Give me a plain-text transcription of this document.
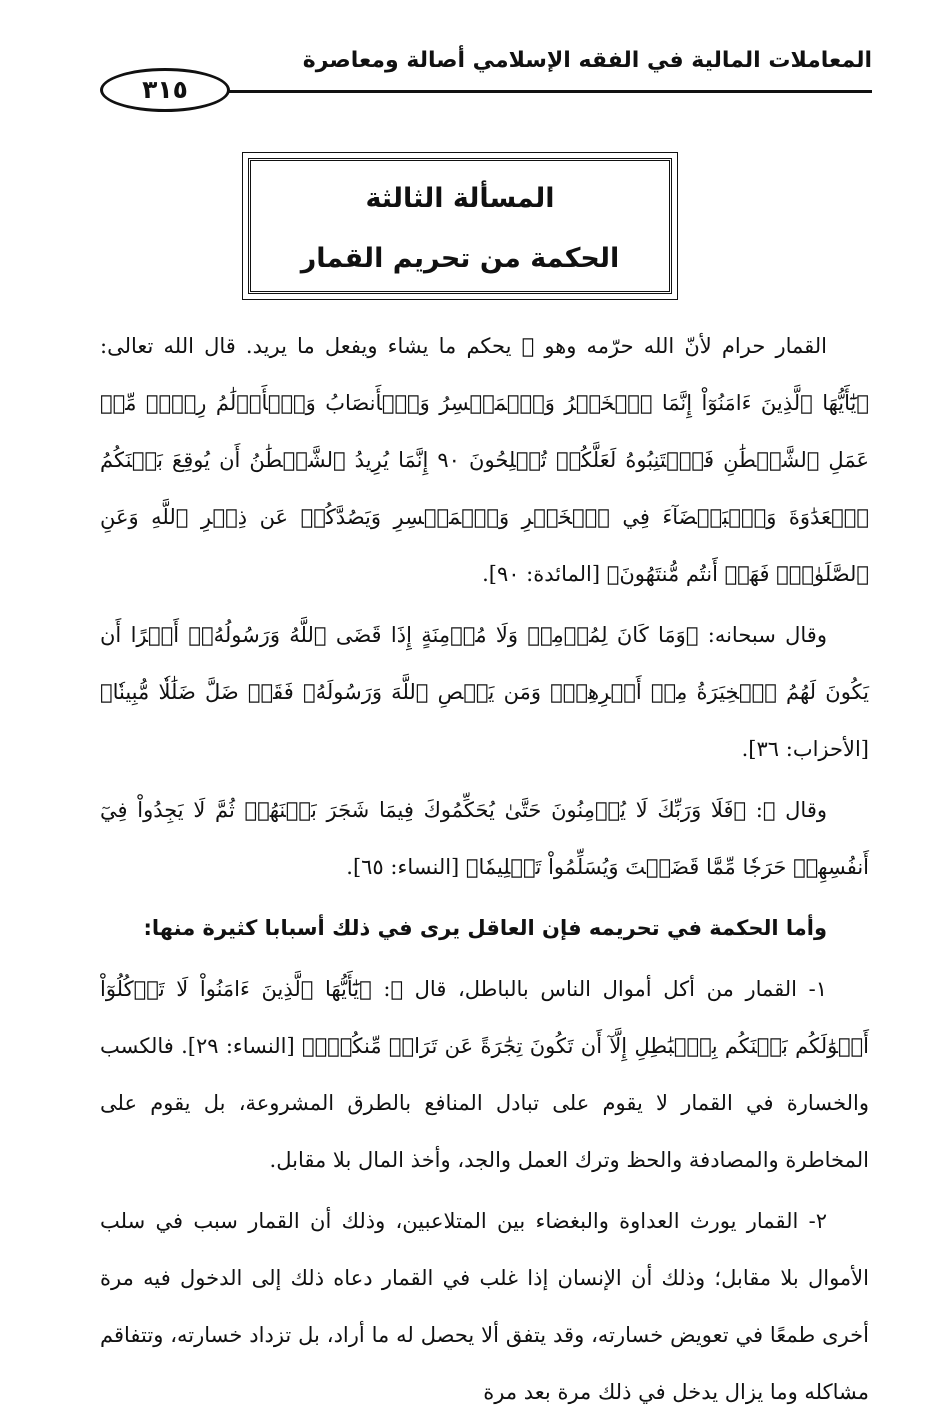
المعاملات المالية في الفقه الإسلامي أصالة ومعاصرة
٣١٥
المسألة الثالثة
الحكمة من تحريم القمار

القمار حرام لأنّ الله حرّمه وهو ﷻ يحكم ما يشاء ويفعل ما يريد. قال الله تعالى: ﴿يَٰٓأَيُّهَا ٱلَّذِينَ ءَامَنُوٓاْ إِنَّمَا ٱلۡخَمۡرُ وَٱلۡمَيۡسِرُ وَٱلۡأَنصَابُ وَٱلۡأَزۡلَٰمُ رِجۡسٞ مِّنۡ عَمَلِ ٱلشَّيۡطَٰنِ فَٱجۡتَنِبُوهُ لَعَلَّكُمۡ تُفۡلِحُونَ ٩٠ إِنَّمَا يُرِيدُ ٱلشَّيۡطَٰنُ أَن يُوقِعَ بَيۡنَكُمُ ٱلۡعَدَٰوَةَ وَٱلۡبَغۡضَآءَ فِي ٱلۡخَمۡرِ وَٱلۡمَيۡسِرِ وَيَصُدَّكُمۡ عَن ذِكۡرِ ٱللَّهِ وَعَنِ ٱلصَّلَوٰةِۖ فَهَلۡ أَنتُم مُّنتَهُونَ﴾ [المائدة: ٩٠].

وقال سبحانه: ﴿وَمَا كَانَ لِمُؤۡمِنٖ وَلَا مُؤۡمِنَةٍ إِذَا قَضَى ٱللَّهُ وَرَسُولُهُۥٓ أَمۡرًا أَن يَكُونَ لَهُمُ ٱلۡخِيَرَةُ مِنۡ أَمۡرِهِمۡۗ وَمَن يَعۡصِ ٱللَّهَ وَرَسُولَهُۥ فَقَدۡ ضَلَّ ضَلَٰلٗا مُّبِينٗا﴾ [الأحزاب: ٣٦].

وقال ﷻ: ﴿فَلَا وَرَبِّكَ لَا يُؤۡمِنُونَ حَتَّىٰ يُحَكِّمُوكَ فِيمَا شَجَرَ بَيۡنَهُمۡ ثُمَّ لَا يَجِدُواْ فِيٓ أَنفُسِهِمۡ حَرَجٗا مِّمَّا قَضَيۡتَ وَيُسَلِّمُواْ تَسۡلِيمٗا﴾ [النساء: ٦٥].

وأما الحكمة في تحريمه فإن العاقل يرى في ذلك أسبابا كثيرة منها:

١- القمار من أكل أموال الناس بالباطل، قال ﷻ: ﴿يَٰٓأَيُّهَا ٱلَّذِينَ ءَامَنُواْ لَا تَأۡكُلُوٓاْ أَمۡوَٰلَكُم بَيۡنَكُم بِٱلۡبَٰطِلِ إِلَّآ أَن تَكُونَ تِجَٰرَةً عَن تَرَاضٖ مِّنكُمۡۚ﴾ [النساء: ٢٩]. فالكسب والخسارة في القمار لا يقوم على تبادل المنافع بالطرق المشروعة، بل يقوم على المخاطرة والمصادفة والحظ وترك العمل والجد، وأخذ المال بلا مقابل.

٢- القمار يورث العداوة والبغضاء بين المتلاعبين، وذلك أن القمار سبب في سلب الأموال بلا مقابل؛ وذلك أن الإنسان إذا غلب في القمار دعاه ذلك إلى الدخول فيه مرة أخرى طمعًا في تعويض خسارته، وقد يتفق ألا يحصل له ما أراد، بل تزداد خسارته، وتتفاقم مشاكله وما يزال يدخل في ذلك مرة بعد مرة
